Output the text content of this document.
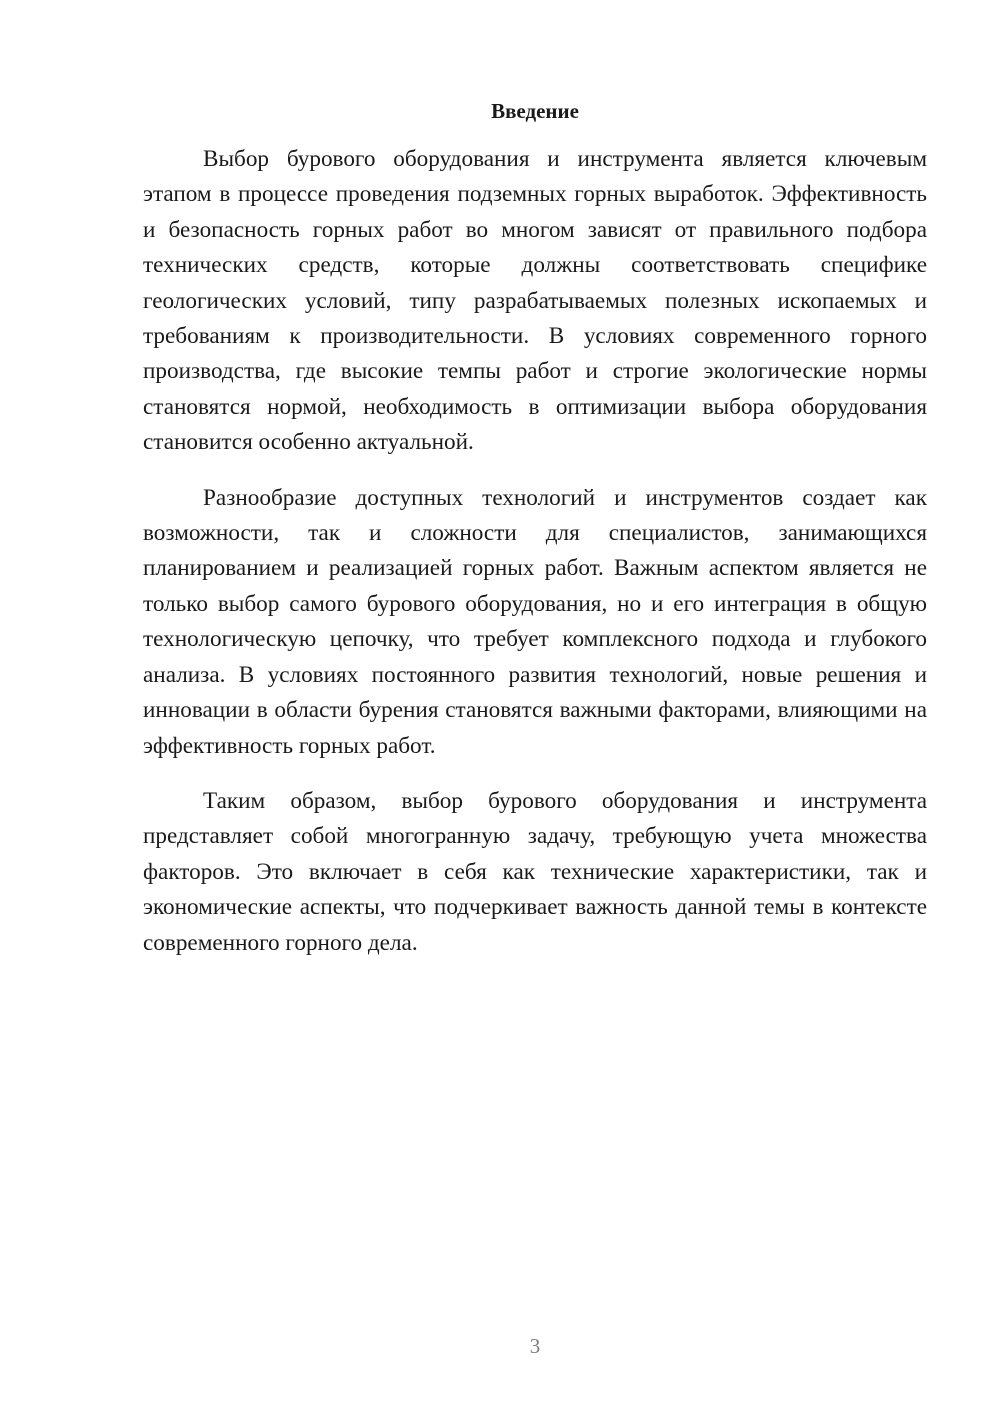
Введение

Выбор бурового оборудования и инструмента является ключевым этапом в процессе проведения подземных горных выработок. Эффективность и безопасность горных работ во многом зависят от правильного подбора технических средств, которые должны соответствовать специфике геологических условий, типу разрабатываемых полезных ископаемых и требованиям к производительности. В условиях современного горного производства, где высокие темпы работ и строгие экологические нормы становятся нормой, необходимость в оптимизации выбора оборудования становится особенно актуальной.

Разнообразие доступных технологий и инструментов создает как возможности, так и сложности для специалистов, занимающихся планированием и реализацией горных работ. Важным аспектом является не только выбор самого бурового оборудования, но и его интеграция в общую технологическую цепочку, что требует комплексного подхода и глубокого анализа. В условиях постоянного развития технологий, новые решения и инновации в области бурения становятся важными факторами, влияющими на эффективность горных работ.

Таким образом, выбор бурового оборудования и инструмента представляет собой многогранную задачу, требующую учета множества факторов. Это включает в себя как технические характеристики, так и экономические аспекты, что подчеркивает важность данной темы в контексте современного горного дела.

3
